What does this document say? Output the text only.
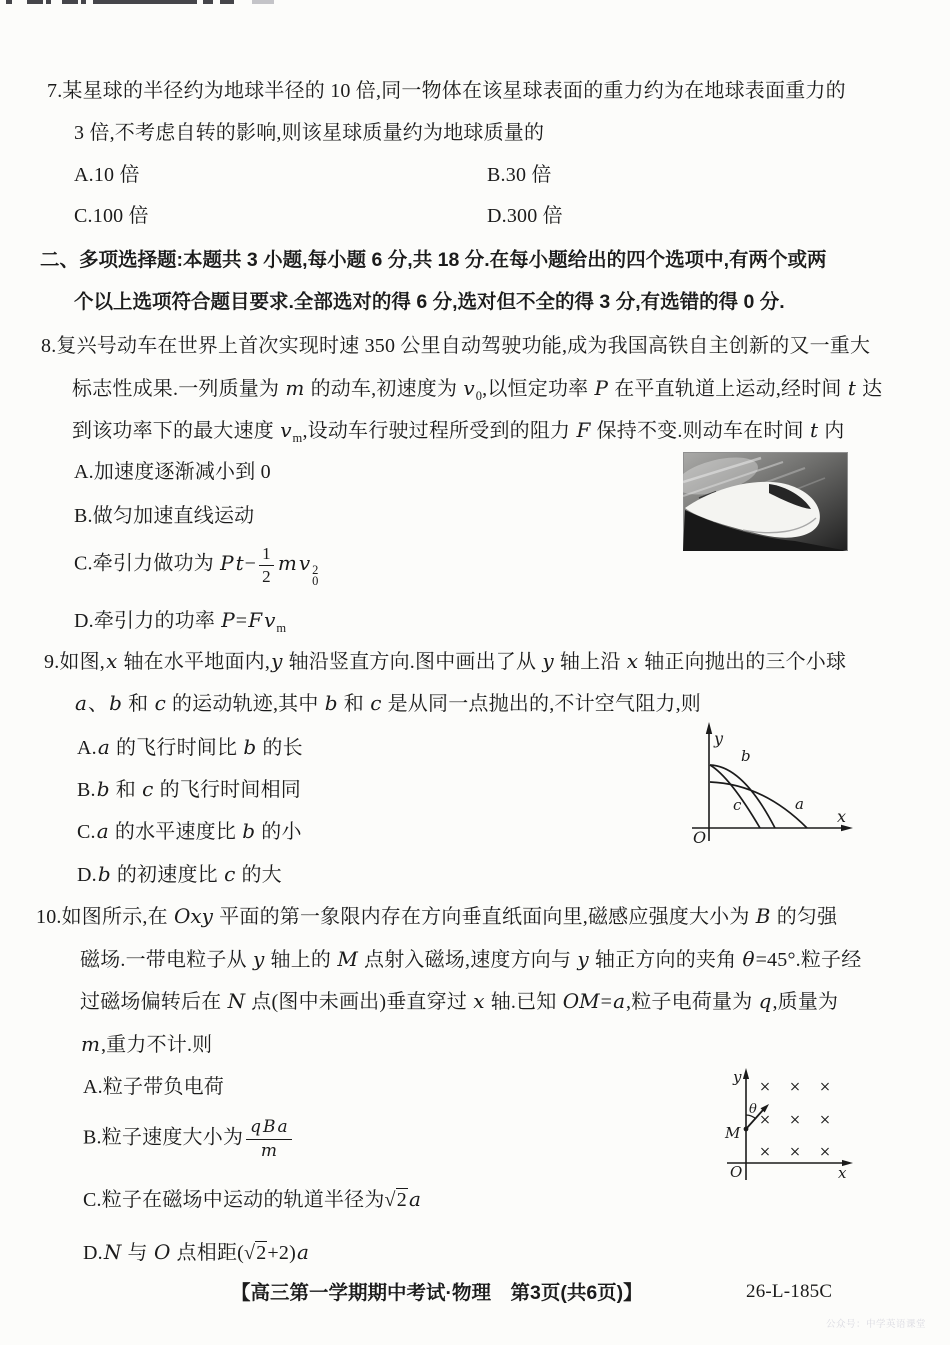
7.某星球的半径约为地球半径的 10 倍,同一物体在该星球表面的重力约为在地球表面重力的
3 倍,不考虑自转的影响,则该星球质量约为地球质量的
A.10 倍	B.30 倍
C.100 倍	D.300 倍
二、多项选择题:本题共 3 小题,每小题 6 分,共 18 分.在每小题给出的四个选项中,有两个或两
个以上选项符合题目要求.全部选对的得 6 分,选对但不全的得 3 分,有选错的得 0 分.
8.复兴号动车在世界上首次实现时速 350 公里自动驾驶功能,成为我国高铁自主创新的又一重大
标志性成果.一列质量为 m 的动车,初速度为 $v_0$,以恒定功率 P 在平直轨道上运动,经时间 t 达
到该功率下的最大速度 $v_m$,设动车行驶过程所受到的阻力 F 保持不变.则动车在时间 t 内
A.加速度逐渐减小到 0
B.做匀加速直线运动
C.牵引力做功为 P $t- \frac{1}{2}$ m v 2
0
D.牵引力的功率 P=F $v_m$
9.如图,x 轴在水平地面内,y 轴沿竖直方向.图中画出了从 y 轴上沿 x 轴正向抛出的三个小球
a、b 和 c 的运动轨迹,其中 b 和 c 是从同一点抛出的,不计空气阻力,则
A.a 的飞行时间比 b 的长
B.b 和 c 的飞行时间相同
C.a 的水平速度比 b 的小
D.b 的初速度比 c 的大
y
x
O
b
c	a
10.如图所示,在 Oxy 平面的第一象限内存在方向垂直纸面向里,磁感应强度大小为 B 的匀强
磁场.一带电粒子从 y 轴上的 M 点射入磁场,速度方向与 y 轴正方向的夹角 θ=45°.粒子经
过磁场偏转后在 N 点(图中未画出)垂直穿过 x 轴.已知 OM=a,粒子电荷量为 q,质量为
m,重力不计.则
A.粒子带负电荷
B.粒子速度大小为 $\frac{\text{q B a}}{m}$
C.粒子在磁场中运动的轨道半径为√2 a
D.N 与 O 点相距(√2+2)a
y
x
O
M
θ
× × ×
× × ×
× × ×
【高三第一学期期中考试·物理　第3页(共6页)】	26-L-185C
公众号：中学英语课堂
